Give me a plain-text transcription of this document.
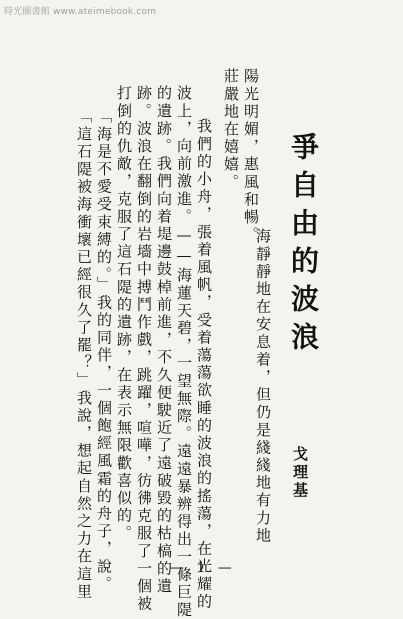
時光圖書館 www.ateimebook.com
爭自由的波浪
戈理基
海靜靜地在安息着，但仍是綫綫地有力地
陽光明媚，惠風和暢。
莊嚴地在嬉嬉。
我們的小舟，張着風帆，受着蕩蕩欲睡的波浪的搖蕩，在光耀的
波上，向前激進。——海蓮天碧，一望無際。遠遠暴辨得出一條巨隄
的遺跡。我們向着堤邊鼓棹前進，不久便駛近了遠破毀的枯槁的遺
跡。波浪在翻倒的岩墻中搏鬥作戲，跳躍，喧嘩，彷彿克服了一個被
打倒的仇敵，克服了這石隄的遺跡，在表示無限歡喜似的。
「海是不愛受束縛的。」我的同伴，一個飽經風霜的舟子，說。
「這石隄被海衝壞已經很久了罷？」我說，想起自然之力在這里	— 1 —
